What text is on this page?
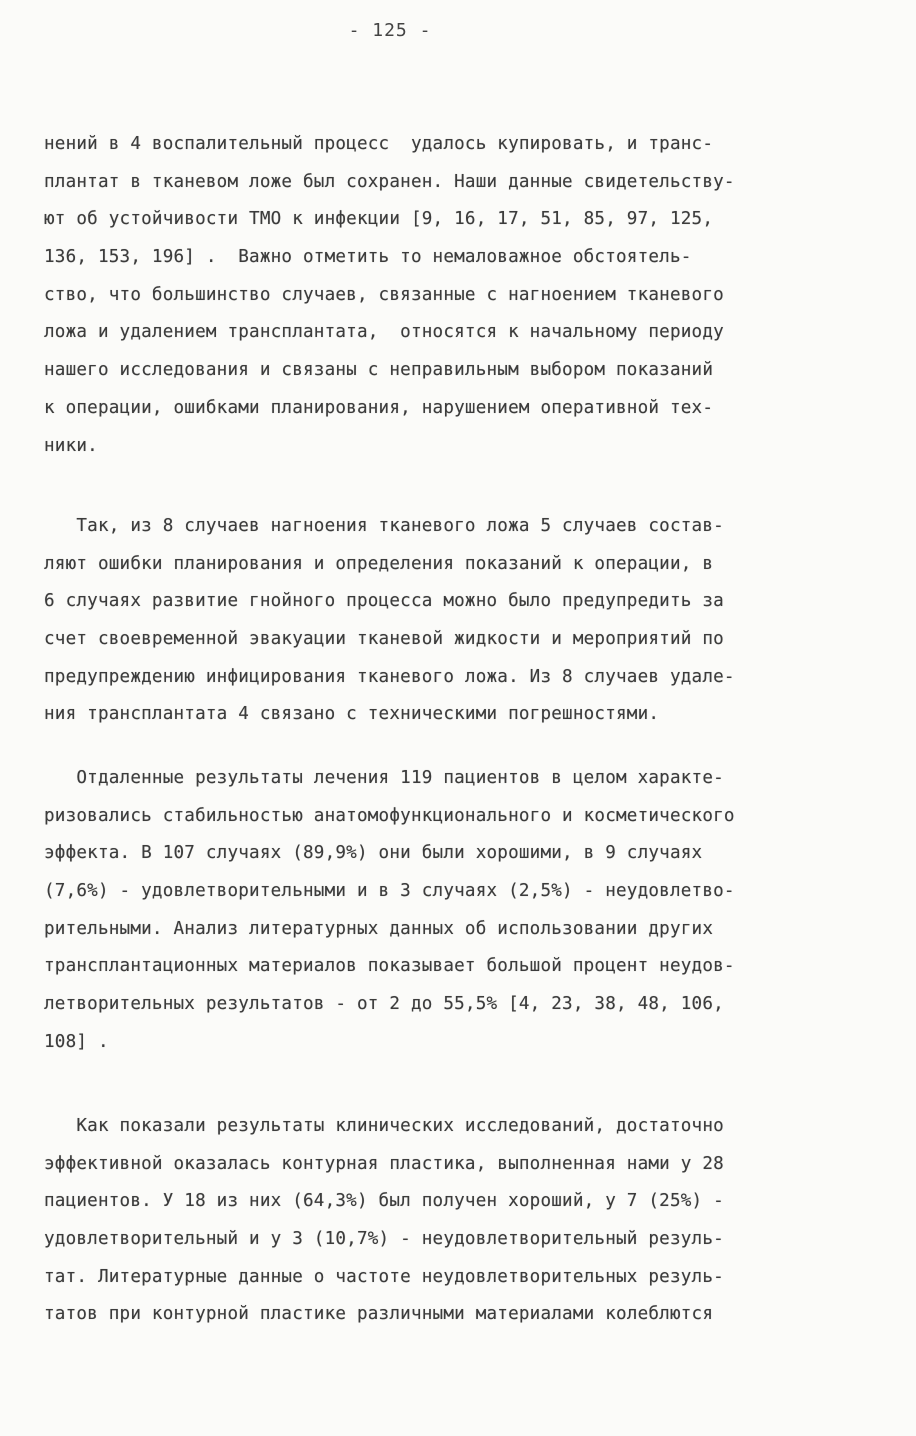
- 125 -
нений в 4 воспалительный процесс  удалось купировать, и транс-
плантат в тканевом ложе был сохранен. Наши данные свидетельству-
ют об устойчивости ТМО к инфекции [9, 16, 17, 51, 85, 97, 125,
136, 153, 196] .  Важно отметить то немаловажное обстоятель-
ство, что большинство случаев, связанные с нагноением тканевого
ложа и удалением трансплантата,  относятся к начальному периоду
нашего исследования и связаны с неправильным выбором показаний
к операции, ошибками планирования, нарушением оперативной тех-
ники.
Так, из 8 случаев нагноения тканевого ложа 5 случаев состав-
ляют ошибки планирования и определения показаний к операции, в
6 случаях развитие гнойного процесса можно было предупредить за
счет своевременной эвакуации тканевой жидкости и мероприятий по
предупреждению инфицирования тканевого ложа. Из 8 случаев удале-
ния трансплантата 4 связано с техническими погрешностями.
Отдаленные результаты лечения 119 пациентов в целом характе-
ризовались стабильностью анатомофункционального и косметического
эффекта. В 107 случаях (89,9%) они были хорошими, в 9 случаях
(7,6%) - удовлетворительными и в 3 случаях (2,5%) - неудовлетво-
рительными. Анализ литературных данных об использовании других
трансплантационных материалов показывает большой процент неудов-
летворительных результатов - от 2 до 55,5% [4, 23, 38, 48, 106,
108] .
Как показали результаты клинических исследований, достаточно
эффективной оказалась контурная пластика, выполненная нами у 28
пациентов. У 18 из них (64,3%) был получен хороший, у 7 (25%) -
удовлетворительный и у 3 (10,7%) - неудовлетворительный резуль-
тат. Литературные данные о частоте неудовлетворительных резуль-
татов при контурной пластике различными материалами колеблются
